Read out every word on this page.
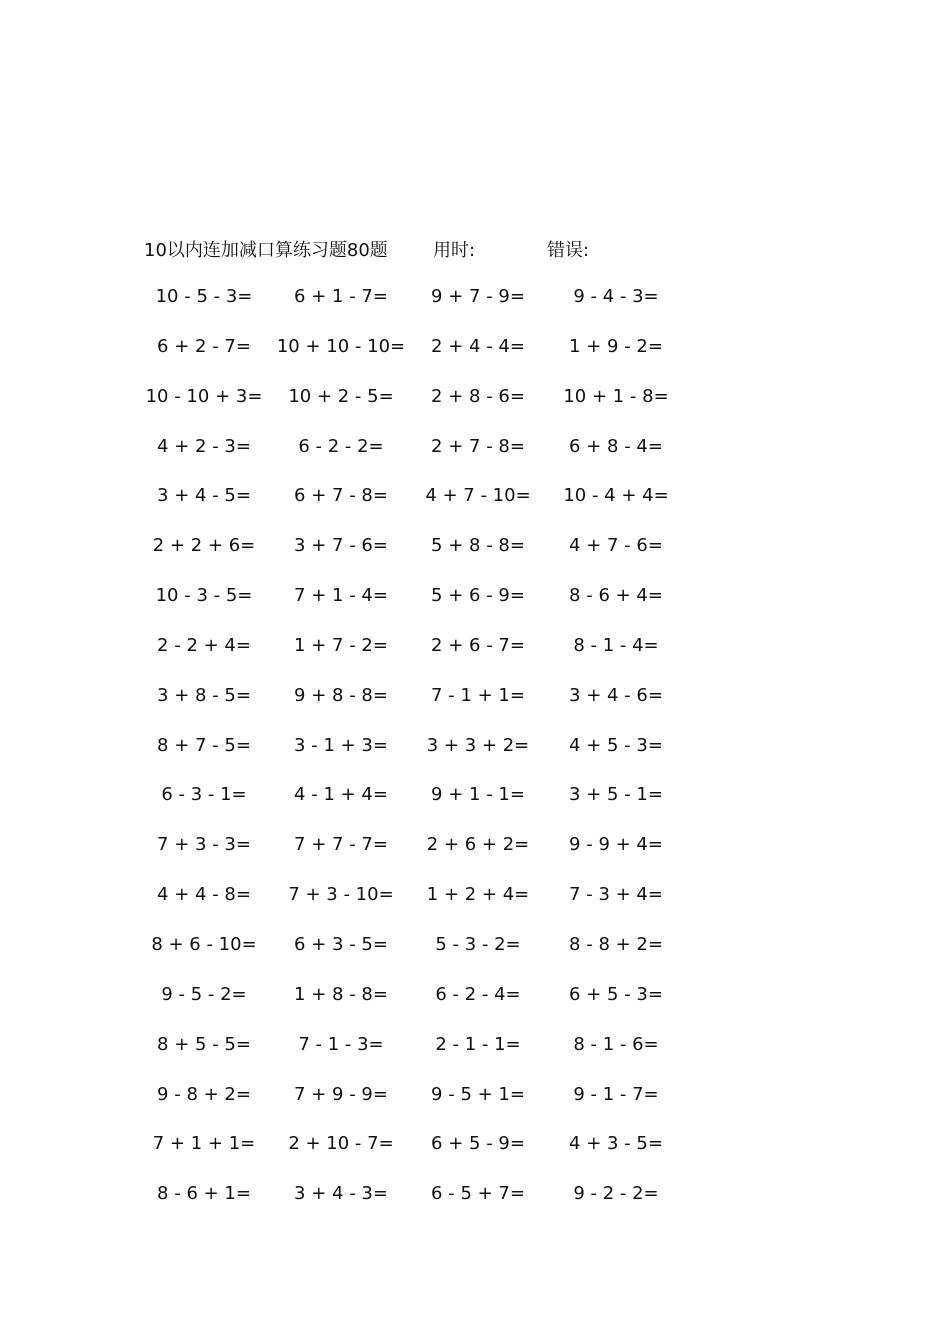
10以内连加减口算练习题80题	用时:	错误:
10 - 5 - 3=	6 + 1 - 7=	9 + 7 - 9=	9 - 4 - 3=
6 + 2 - 7=	10 + 10 - 10=	2 + 4 - 4=	1 + 9 - 2=
10 - 10 + 3=	10 + 2 - 5=	2 + 8 - 6=	10 + 1 - 8=
4 + 2 - 3=	6 - 2 - 2=	2 + 7 - 8=	6 + 8 - 4=
3 + 4 - 5=	6 + 7 - 8=	4 + 7 - 10=	10 - 4 + 4=
2 + 2 + 6=	3 + 7 - 6=	5 + 8 - 8=	4 + 7 - 6=
10 - 3 - 5=	7 + 1 - 4=	5 + 6 - 9=	8 - 6 + 4=
2 - 2 + 4=	1 + 7 - 2=	2 + 6 - 7=	8 - 1 - 4=
3 + 8 - 5=	9 + 8 - 8=	7 - 1 + 1=	3 + 4 - 6=
8 + 7 - 5=	3 - 1 + 3=	3 + 3 + 2=	4 + 5 - 3=
6 - 3 - 1=	4 - 1 + 4=	9 + 1 - 1=	3 + 5 - 1=
7 + 3 - 3=	7 + 7 - 7=	2 + 6 + 2=	9 - 9 + 4=
4 + 4 - 8=	7 + 3 - 10=	1 + 2 + 4=	7 - 3 + 4=
8 + 6 - 10=	6 + 3 - 5=	5 - 3 - 2=	8 - 8 + 2=
9 - 5 - 2=	1 + 8 - 8=	6 - 2 - 4=	6 + 5 - 3=
8 + 5 - 5=	7 - 1 - 3=	2 - 1 - 1=	8 - 1 - 6=
9 - 8 + 2=	7 + 9 - 9=	9 - 5 + 1=	9 - 1 - 7=
7 + 1 + 1=	2 + 10 - 7=	6 + 5 - 9=	4 + 3 - 5=
8 - 6 + 1=	3 + 4 - 3=	6 - 5 + 7=	9 - 2 - 2=
